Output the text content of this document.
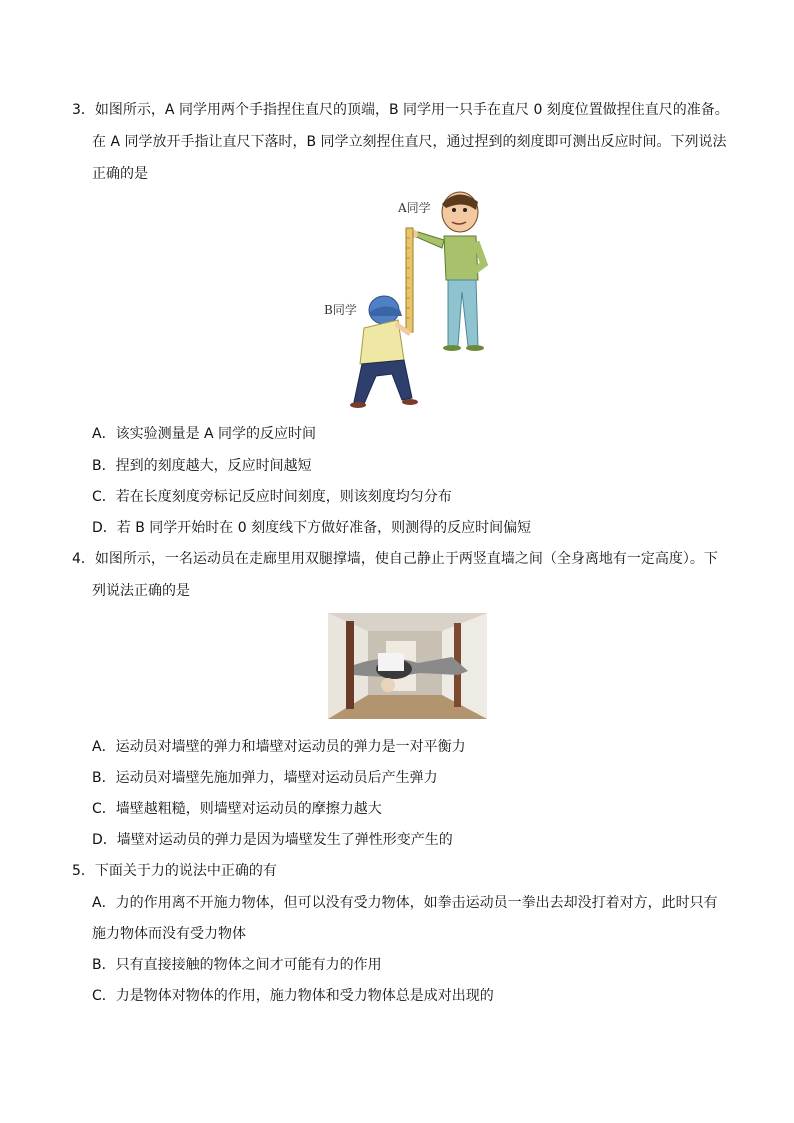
3．如图所示，A 同学用两个手指捏住直尺的顶端，B 同学用一只手在直尺 0 刻度位置做捏住直尺的准备。
在 A 同学放开手指让直尺下落时，B 同学立刻捏住直尺，通过捏到的刻度即可测出反应时间。下列说法
正确的是
A同学
B同学
A．该实验测量是 A 同学的反应时间
B．捏到的刻度越大，反应时间越短
C．若在长度刻度旁标记反应时间刻度，则该刻度均匀分布
D．若 B 同学开始时在 0 刻度线下方做好准备，则测得的反应时间偏短
4．如图所示，一名运动员在走廊里用双腿撑墙，使自己静止于两竖直墙之间（全身离地有一定高度）。下
列说法正确的是
A．运动员对墙壁的弹力和墙壁对运动员的弹力是一对平衡力
B．运动员对墙壁先施加弹力，墙壁对运动员后产生弹力
C．墙壁越粗糙，则墙壁对运动员的摩擦力越大
D．墙壁对运动员的弹力是因为墙壁发生了弹性形变产生的
5．下面关于力的说法中正确的有
A．力的作用离不开施力物体，但可以没有受力物体，如拳击运动员一拳出去却没打着对方，此时只有
施力物体而没有受力物体
B．只有直接接触的物体之间才可能有力的作用
C．力是物体对物体的作用，施力物体和受力物体总是成对出现的
